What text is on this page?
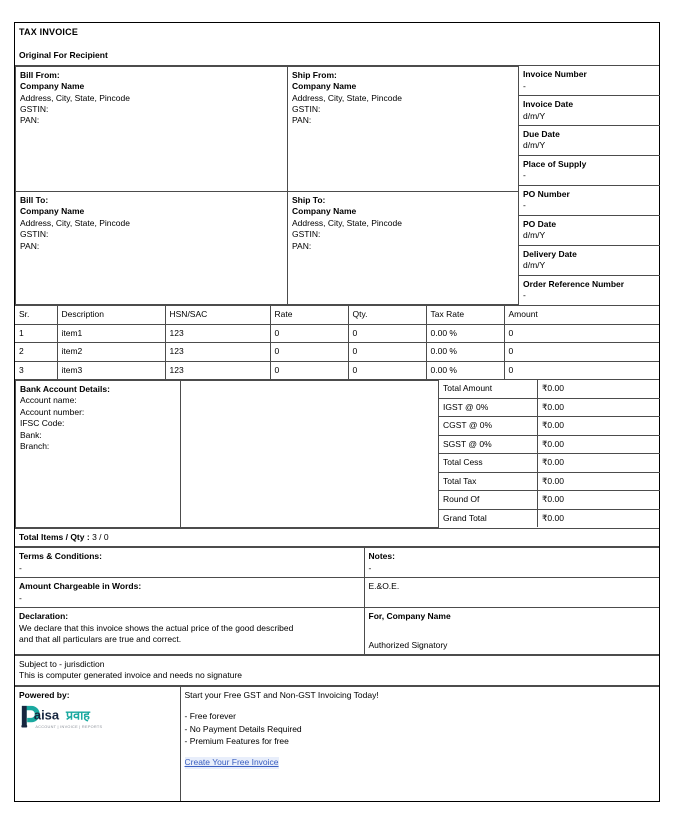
TAX INVOICE
Original For Recipient
Bill From:
Company Name
Address, City, State, Pincode
GSTIN:
PAN:

Ship From:
Company Name
Address, City, State, Pincode
GSTIN:
PAN:

Invoice Number
-

Invoice Date
d/m/Y

Due Date
d/m/Y

Place of Supply
-

PO Number
-

PO Date
d/m/Y

Delivery Date
d/m/Y

Order Reference Number
-

Bill To:
Company Name
Address, City, State, Pincode
GSTIN:
PAN:

Ship To:
Company Name
Address, City, State, Pincode
GSTIN:
PAN:
Sr.	Description	HSN/SAC	Rate	Qty.	Tax Rate	Amount
1	item1	123	0	0	0.00 %	0
2	item2	123	0	0	0.00 %	0
3	item3	123	0	0	0.00 %	0
Bank Account Details:
Account name:
Account number:
IFSC Code:
Bank:
Branch:

Total Amount	₹0.00
IGST @ 0%	₹0.00
CGST @ 0%	₹0.00
SGST @ 0%	₹0.00
Total Cess	₹0.00
Total Tax	₹0.00
Round Of	₹0.00
Grand Total	₹0.00
Total Items / Qty : 3 / 0
Terms & Conditions:
-	Notes:
-

Amount Chargeable in Words:
-	E.&O.E.

Declaration:
We declare that this invoice shows the actual price of the good described
and that all particulars are true and correct.	For, Company Name
Authorized Signatory
Subject to - jurisdiction
This is computer generated invoice and needs no signature
Powered by:
aisa प्रवाह
ACCOUNT | INVOICE | REPORTS

Start your Free GST and Non-GST Invoicing Today!
- Free forever
- No Payment Details Required
- Premium Features for free
Create Your Free Invoice
